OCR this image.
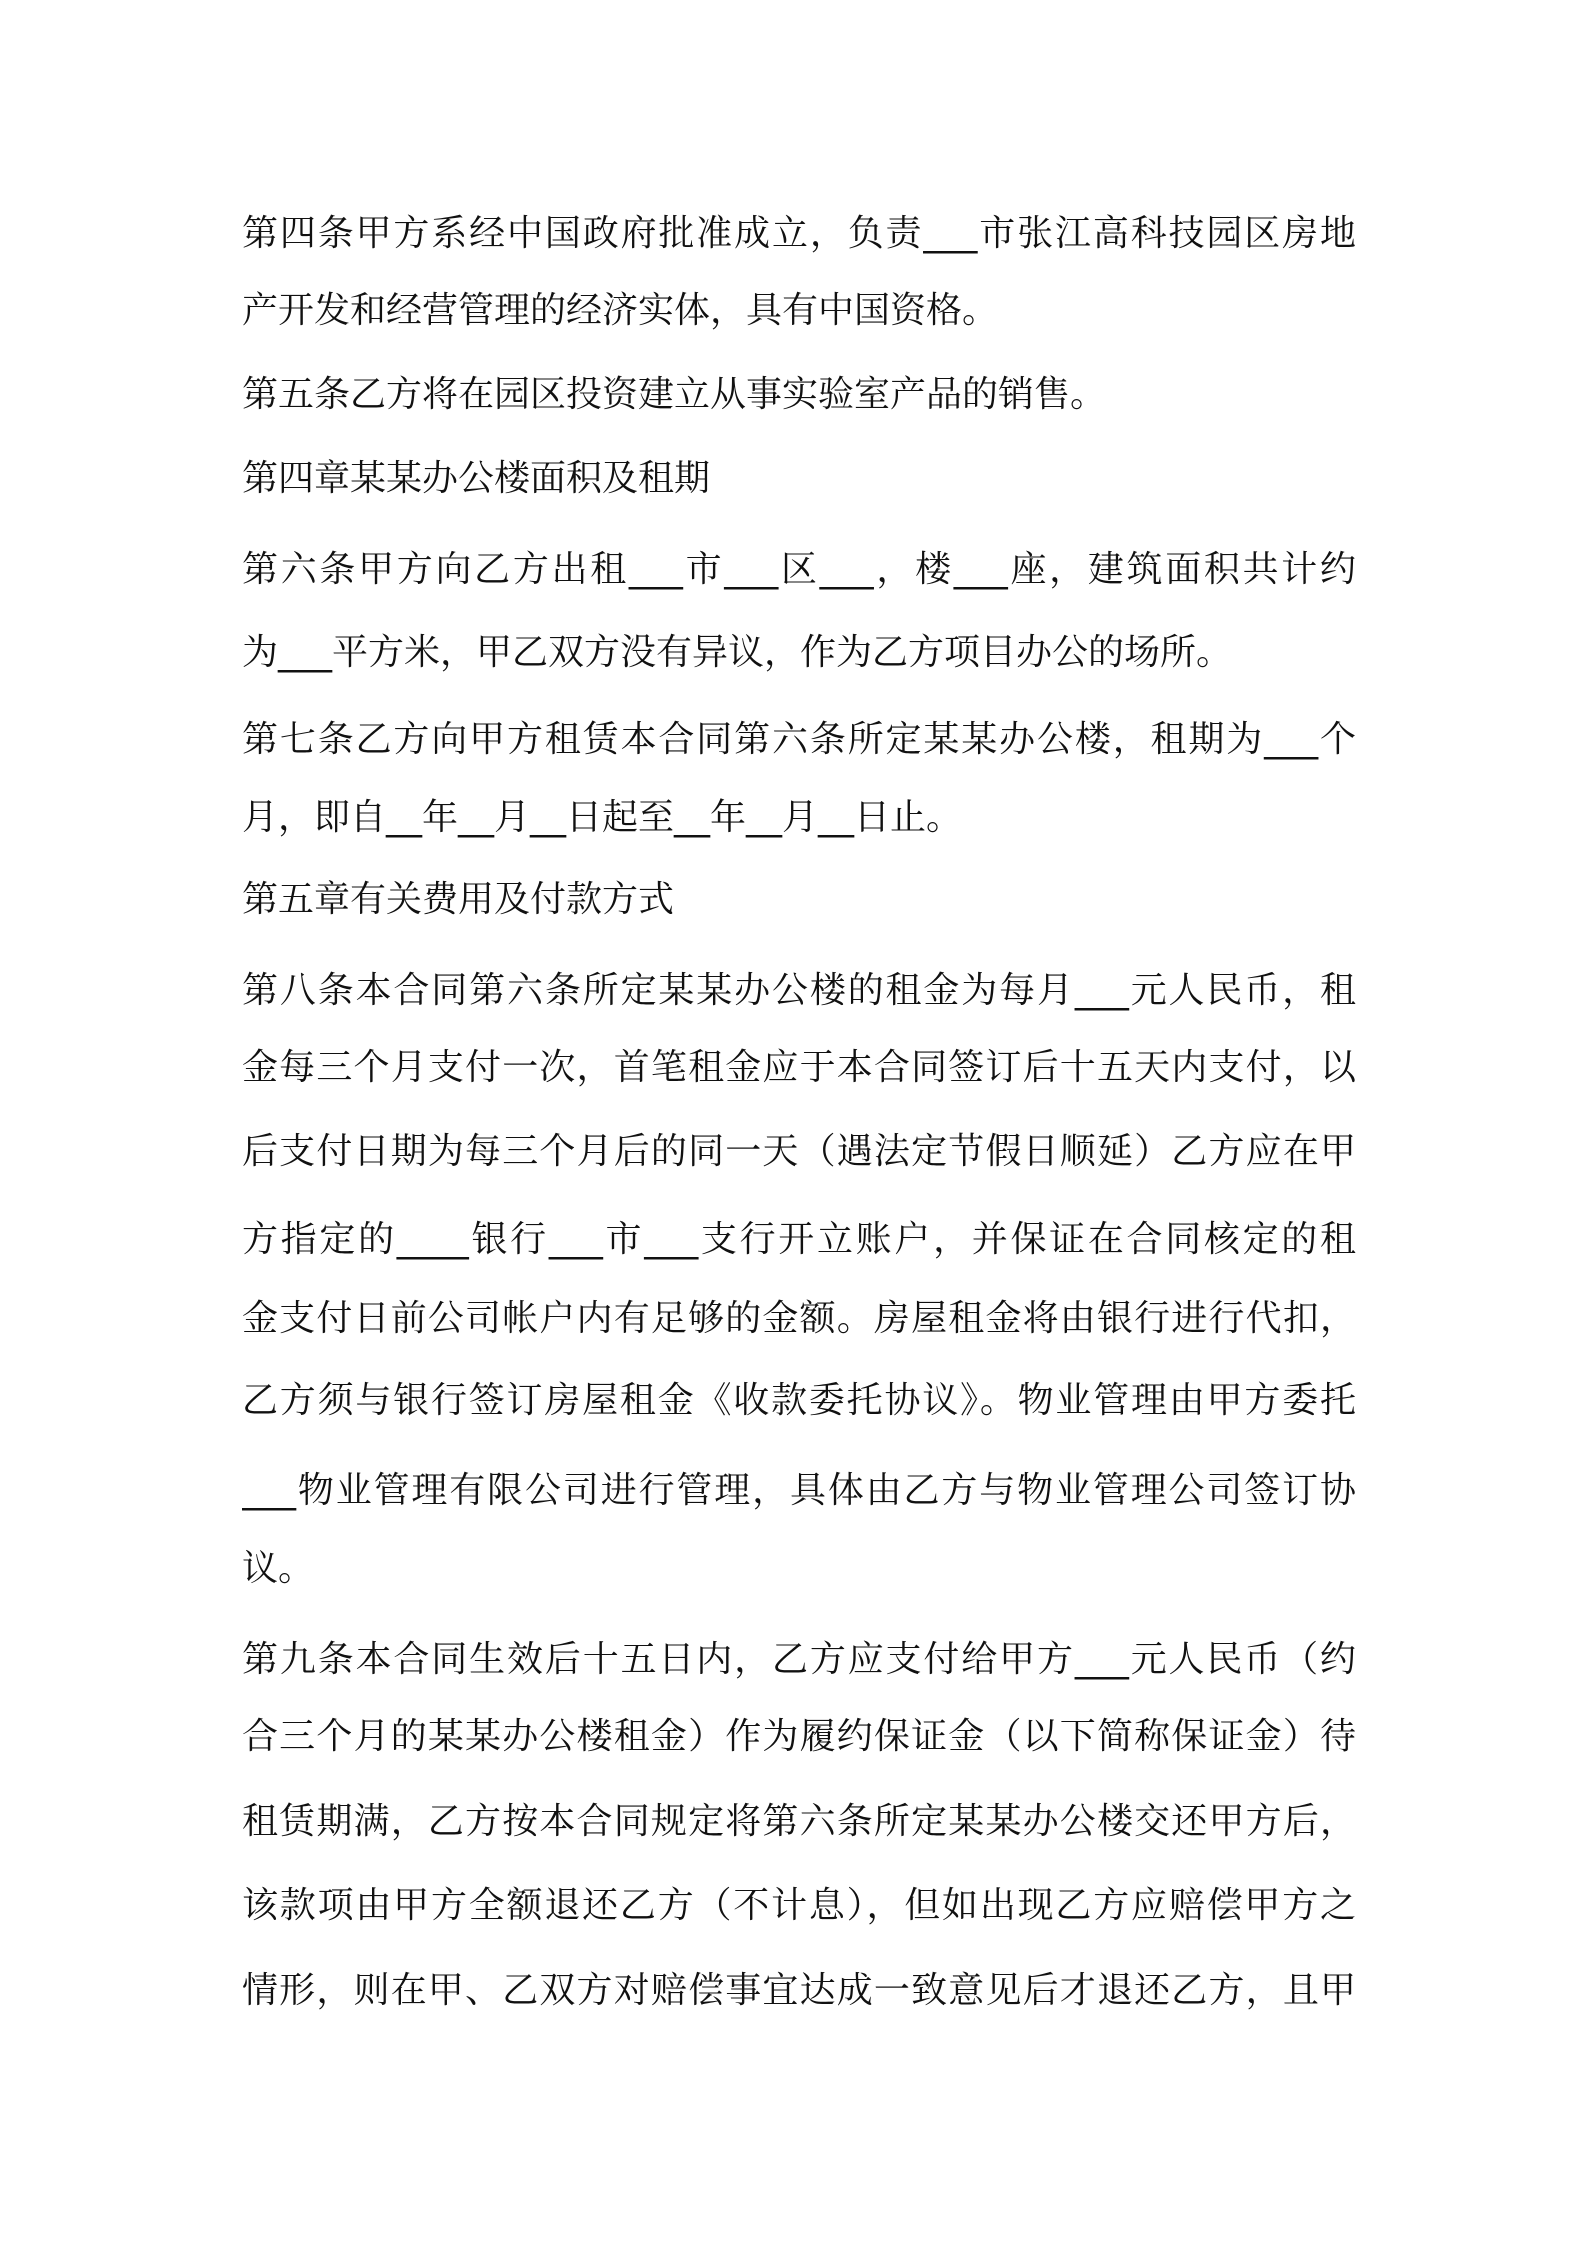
第四条甲方系经中国政府批准成立，负责___市张江高科技园区房地
产开发和经营管理的经济实体，具有中国资格。
第五条乙方将在园区投资建立从事实验室产品的销售。
第四章某某办公楼面积及租期
第六条甲方向乙方出租___市___区___，楼___座，建筑面积共计约
为___平方米，甲乙双方没有异议，作为乙方项目办公的场所。
第七条乙方向甲方租赁本合同第六条所定某某办公楼，租期为___个
月，即自__年__月__日起至__年__月__日止。
第五章有关费用及付款方式
第八条本合同第六条所定某某办公楼的租金为每月___元人民币，租
金每三个月支付一次，首笔租金应于本合同签订后十五天内支付，以
后支付日期为每三个月后的同一天（遇法定节假日顺延）乙方应在甲
方指定的____银行___市___支行开立账户，并保证在合同核定的租
金支付日前公司帐户内有足够的金额。房屋租金将由银行进行代扣，
乙方须与银行签订房屋租金《收款委托协议》。物业管理由甲方委托
___物业管理有限公司进行管理，具体由乙方与物业管理公司签订协
议。
第九条本合同生效后十五日内，乙方应支付给甲方___元人民币（约
合三个月的某某办公楼租金）作为履约保证金（以下简称保证金）待
租赁期满，乙方按本合同规定将第六条所定某某办公楼交还甲方后，
该款项由甲方全额退还乙方（不计息），但如出现乙方应赔偿甲方之
情形，则在甲、乙双方对赔偿事宜达成一致意见后才退还乙方，且甲
